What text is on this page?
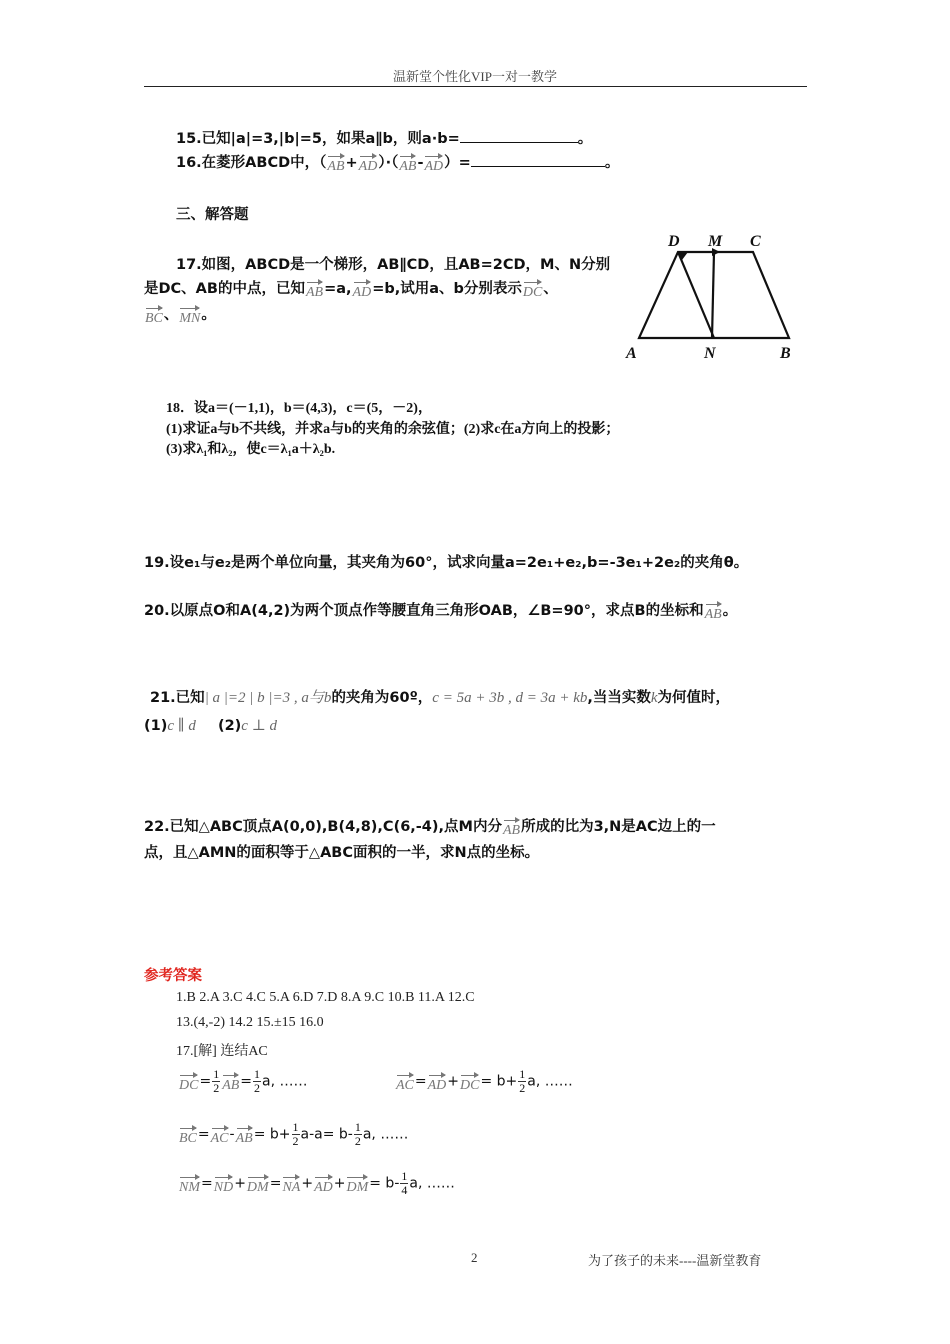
温新堂个性化VIP一对一教学
15.已知|a|=3,|b|=5，如果a∥b，则a·b=	。
16.在菱形ABCD中，（AB+AD）·（AB-AD）=	。
三、解答题
17.如图，ABCD是一个梯形，AB∥CD，且AB=2CD，M、N分别
是DC、AB的中点，已知AB=a,AD=b,试用a、b分别表示DC、
BC、MN。
D M C
A	N	B
18．设a＝(－1,1)，b＝(4,3)，c＝(5，－2)，
(1)求证a与b不共线，并求a与b的夹角的余弦值；(2)求c在a方向上的投影；
(3)求λ₁和λ₂，使c＝λ₁a＋λ₂b.
19.设e₁与e₂是两个单位向量，其夹角为60°，试求向量a=2e₁+e₂,b=-3e₁+2e₂的夹角θ。
20.以原点O和A(4,2)为两个顶点作等腰直角三角形OAB，∠B=90°，求点B的坐标和AB。
21.已知| a |=2 | b |=3 , a与b的夹角为60º，c = 5a + 3b , d = 3a + kb,当当实数k为何值时，
(1)c ∥ d (2)c ⊥ d
22.已知△ABC顶点A(0,0),B(4,8),C(6,-4),点M内分AB所成的比为3,N是AC边上的一
点，且△AMN的面积等于△ABC面积的一半，求N点的坐标。
参考答案
1.B 2.A 3.C 4.C 5.A 6.D 7.D 8.A 9.C 10.B 11.A 12.C
13.(4,-2) 14.2 15.±15 16.0
17.[解] 连结AC
$DC= \frac{1}{2} AB= \frac{1}{2} a$, ……	$AC=AD+DC= b+ \frac{1}{2} a$, ……
$BC=AC-AB= b+ \frac{1}{2} a-a= b- \frac{1}{2} a$, ……
$NM=ND+DM=NA+AD+DM= b- \frac{1}{4} a$, ……
2	为了孩子的未来----温新堂教育
